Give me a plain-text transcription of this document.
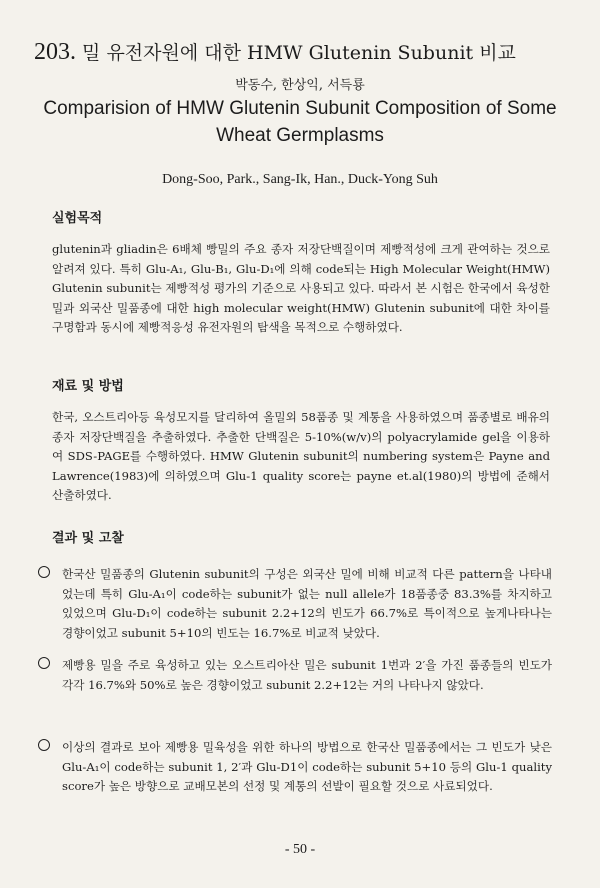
203. 밀 유전자원에 대한 HMW Glutenin Subunit 비교
박동수, 한상익, 서득룡
Comparision of HMW Glutenin Subunit Composition of Some Wheat Germplasms
Dong-Soo, Park., Sang-Ik, Han., Duck-Yong Suh
실험목적
glutenin과 gliadin은 6배체 빵밀의 주요 종자 저장단백질이며 제빵적성에 크게 관여하는 것으로 알려져 있다. 특히 Glu-A₁, Glu-B₁, Glu-D₁에 의해 code되는 High Molecular Weight(HMW) Glutenin subunit는 제빵적성 평가의 기준으로 사용되고 있다. 따라서 본 시험은 한국에서 육성한 밀과 외국산 밀품종에 대한 high molecular weight(HMW) Glutenin subunit에 대한 차이를 구명함과 동시에 제빵적응성 유전자원의 탐색을 목적으로 수행하였다.
재료 및 방법
한국, 오스트리아등 육성모지를 달리하여 올밀외 58품종 및 계통을 사용하였으며 품종별로 배유의 종자 저장단백질을 추출하였다. 추출한 단백질은 5-10%(w/v)의 polyacrylamide gel을 이용하여 SDS-PAGE를 수행하였다. HMW Glutenin subunit의 numbering system은 Payne and Lawrence(1983)에 의하였으며 Glu-1 quality score는 payne et.al(1980)의 방법에 준해서 산출하였다.
결과 및 고찰
한국산 밀품종의 Glutenin subunit의 구성은 외국산 밀에 비해 비교적 다른 pattern을 나타내었는데 특히 Glu-A₁이 code하는 subunit가 없는 null allele가 18품종중 83.3%를 차지하고 있었으며 Glu-D₁이 code하는 subunit 2.2+12의 빈도가 66.7%로 특이적으로 높게나타나는 경향이었고 subunit 5+10의 빈도는 16.7%로 비교적 낮았다.
제빵용 밀을 주로 육성하고 있는 오스트리아산 밀은 subunit 1번과 2′을 가진 품종들의 빈도가 각각 16.7%와 50%로 높은 경향이었고 subunit 2.2+12는 거의 나타나지 않았다.
이상의 결과로 보아 제빵용 밀육성을 위한 하나의 방법으로 한국산 밀품종에서는 그 빈도가 낮은 Glu-A₁이 code하는 subunit 1, 2′과 Glu-D1이 code하는 subunit 5+10 등의 Glu-1 quality score가 높은 방향으로 교배모본의 선정 및 계통의 선발이 필요할 것으로 사료되었다.
- 50 -
